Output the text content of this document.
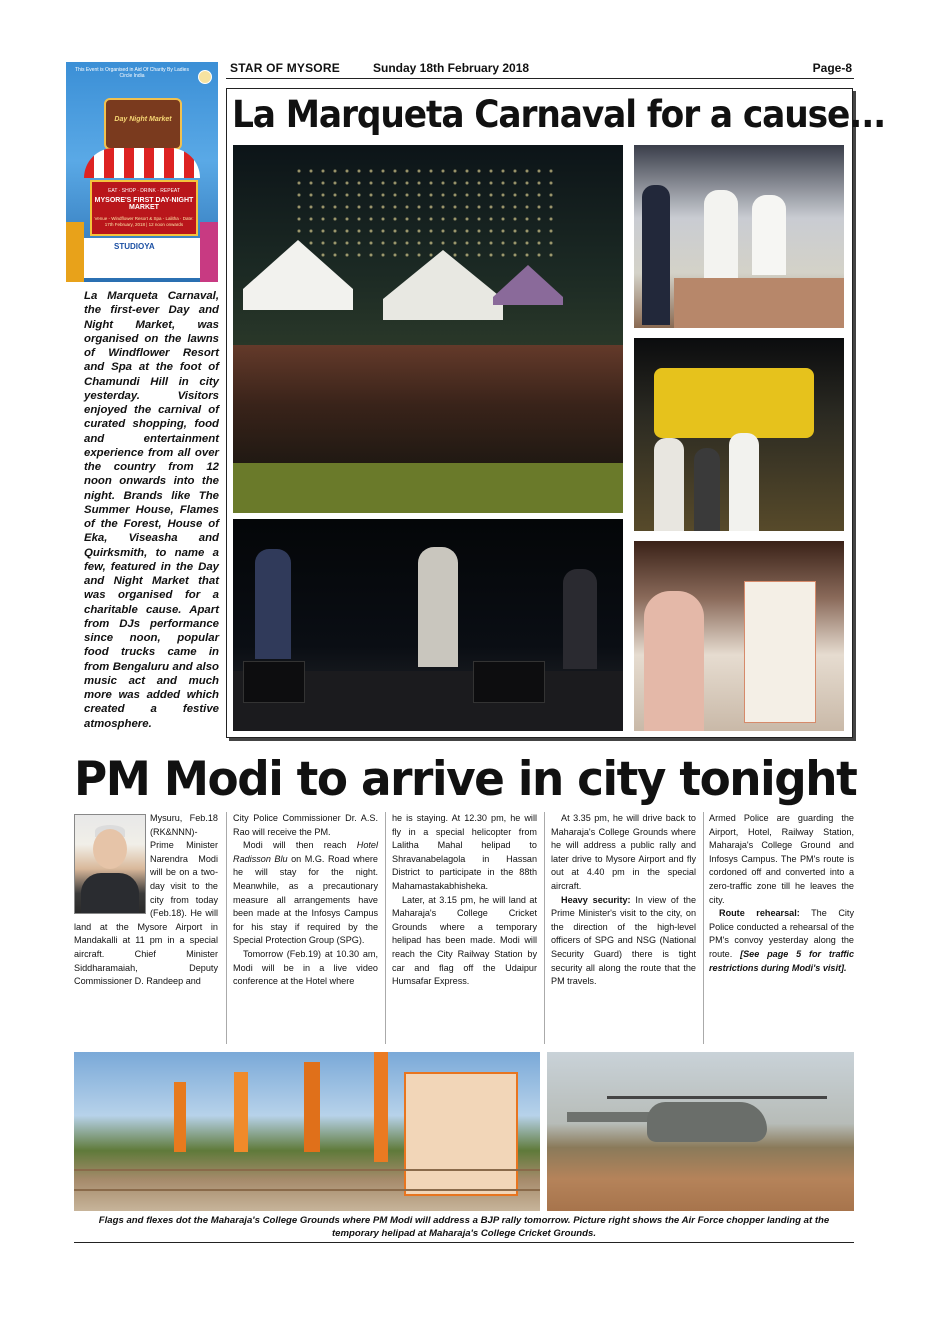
STAR OF MYSORE	Sunday 18th February 2018	Page-8
This Event is Organised in Aid Of Charity By Ladies Circle India
Day Night Market
EAT · SHOP · DRINK · REPEAT
MYSORE'S FIRST DAY-NIGHT MARKET
Venue - Windflower Resort & Spa - Lalitha · Date: 17th February, 2018 | 12 noon onwards
STUDIOYA
La Marqueta Carnaval for a cause...
La Marqueta Carnaval, the first-ever Day and Night Market, was organised on the lawns of Windflower Resort and Spa at the foot of Chamundi Hill in city yesterday. Visitors enjoyed the carnival of curated shopping, food and entertainment experience from all over the country from 12 noon onwards into the night. Brands like The Summer House, Flames of the Forest, House of Eka, Viseasha and Quirksmith, to name a few, featured in the Day and Night Market that was organised for a charitable cause. Apart from DJs performance since noon, popular food trucks came in from Bengaluru and also music act and much more was added which created a festive atmosphere.
PM Modi to arrive in city tonight

Mysuru, Feb.18 (RK&NNN)- Prime Minister Narendra Modi will be on a two-day visit to the city from today (Feb.18). He will land at the Mysore Airport in Mandakalli at 11 pm in a special aircraft. Chief Minister Siddharamaiah, Deputy Commissioner D. Randeep and

City Police Commissioner Dr. A.S. Rao will receive the PM.

Modi will then reach Hotel Radisson Blu on M.G. Road where he will stay for the night. Meanwhile, as a precautionary measure all arrangements have been made at the Infosys Campus for his stay if required by the Special Protection Group (SPG).

Tomorrow (Feb.19) at 10.30 am, Modi will be in a live video conference at the Hotel where

he is staying. At 12.30 pm, he will fly in a special helicopter from Lalitha Mahal helipad to Shravanabelagola in Hassan District to participate in the 88th Mahamastakabhisheka.

Later, at 3.15 pm, he will land at Maharaja's College Cricket Grounds where a temporary helipad has been made. Modi will reach the City Railway Station by car and flag off the Udaipur Humsafar Express.

At 3.35 pm, he will drive back to Maharaja's College Grounds where he will address a public rally and later drive to Mysore Airport and fly out at 4.40 pm in the special aircraft.

Heavy security: In view of the Prime Minister's visit to the city, on the direction of the high-level officers of SPG and NSG (National Security Guard) there is tight security all along the route that the PM travels.

Armed Police are guarding the Airport, Hotel, Railway Station, Maharaja's College Ground and Infosys Campus. The PM's route is cordoned off and converted into a zero-traffic zone till he leaves the city.

Route rehearsal: The City Police conducted a rehearsal of the PM's convoy yesterday along the route. [See page 5 for traffic restrictions during Modi's visit].

Flags and flexes dot the Maharaja's College Grounds where PM Modi will address a BJP rally tomorrow. Picture right shows the Air Force chopper landing at the temporary helipad at Maharaja's College Cricket Grounds.
